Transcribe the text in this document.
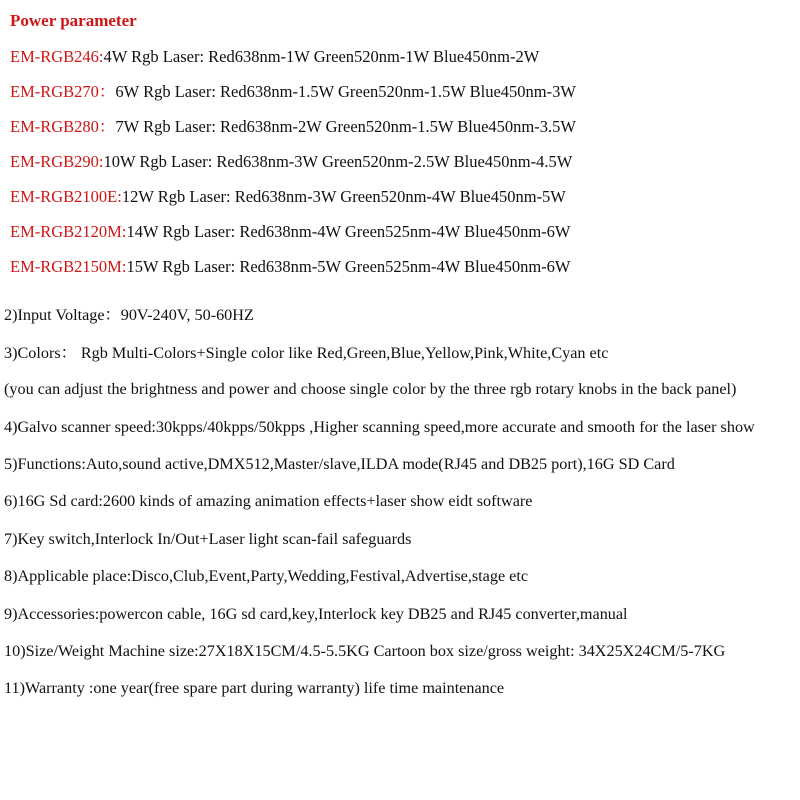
Power parameter
EM-RGB246:4W Rgb Laser: Red638nm-1W Green520nm-1W Blue450nm-2W
EM-RGB270：6W Rgb Laser: Red638nm-1.5W Green520nm-1.5W Blue450nm-3W
EM-RGB280：7W Rgb Laser: Red638nm-2W Green520nm-1.5W Blue450nm-3.5W
EM-RGB290:10W Rgb Laser: Red638nm-3W Green520nm-2.5W Blue450nm-4.5W
EM-RGB2100E:12W Rgb Laser: Red638nm-3W Green520nm-4W Blue450nm-5W
EM-RGB2120M:14W Rgb Laser: Red638nm-4W Green525nm-4W Blue450nm-6W
EM-RGB2150M:15W Rgb Laser: Red638nm-5W Green525nm-4W Blue450nm-6W
2)Input Voltage：90V-240V, 50-60HZ
3)Colors： Rgb Multi-Colors+Single color like Red,Green,Blue,Yellow,Pink,White,Cyan etc
(you can adjust the brightness and power and choose single color by the three rgb rotary knobs in the back panel)
4)Galvo scanner speed:30kpps/40kpps/50kpps ,Higher scanning speed,more accurate and smooth for the laser show
5)Functions:Auto,sound active,DMX512,Master/slave,ILDA mode(RJ45 and DB25 port),16G SD Card
6)16G Sd card:2600 kinds of amazing animation effects+laser show eidt software
7)Key switch,Interlock In/Out+Laser light scan-fail safeguards
8)Applicable place:Disco,Club,Event,Party,Wedding,Festival,Advertise,stage etc
9)Accessories:powercon cable, 16G sd card,key,Interlock key DB25 and RJ45 converter,manual
10)Size/Weight Machine size:27X18X15CM/4.5-5.5KG Cartoon box size/gross weight: 34X25X24CM/5-7KG
11)Warranty :one year(free spare part during warranty) life time maintenance
